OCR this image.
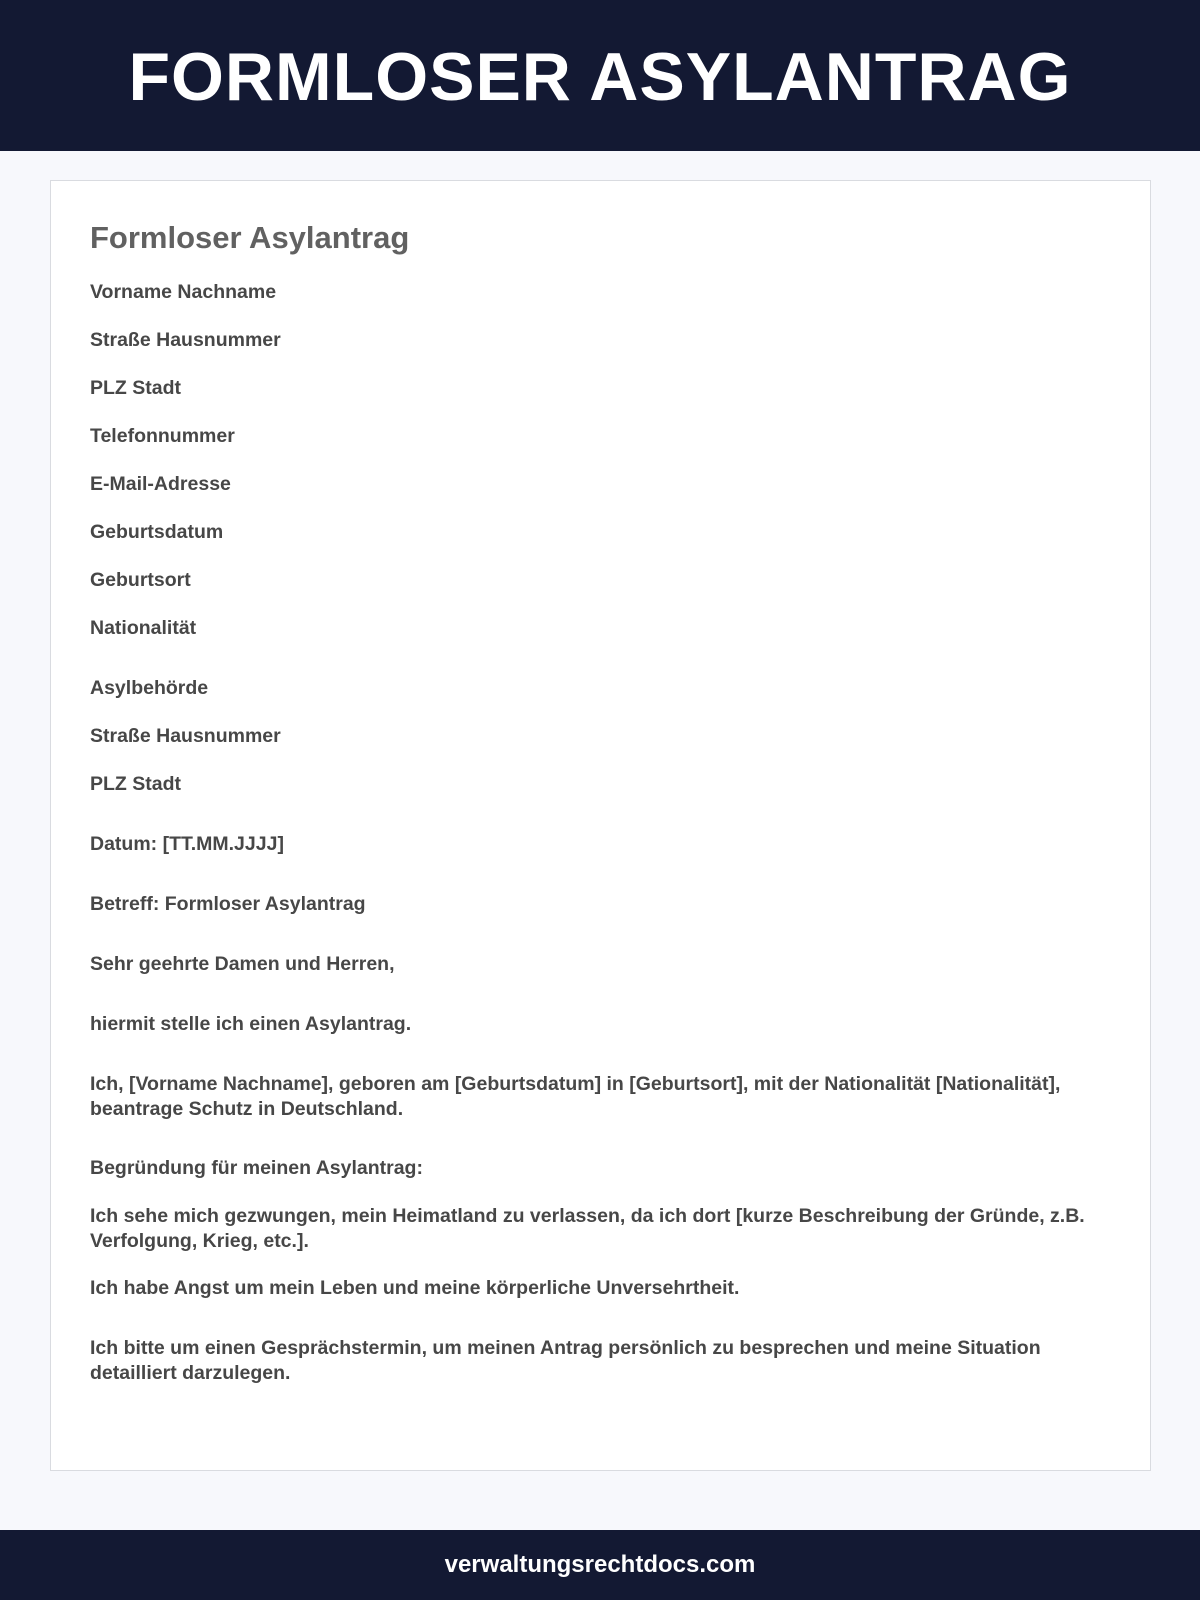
FORMLOSER ASYLANTRAG
Formloser Asylantrag
Vorname Nachname
Straße Hausnummer
PLZ Stadt
Telefonnummer
E-Mail-Adresse
Geburtsdatum
Geburtsort
Nationalität
Asylbehörde
Straße Hausnummer
PLZ Stadt
Datum: [TT.MM.JJJJ]
Betreff: Formloser Asylantrag
Sehr geehrte Damen und Herren,
hiermit stelle ich einen Asylantrag.
Ich, [Vorname Nachname], geboren am [Geburtsdatum] in [Geburtsort], mit der Nationalität [Nationalität], beantrage Schutz in Deutschland.
Begründung für meinen Asylantrag:
Ich sehe mich gezwungen, mein Heimatland zu verlassen, da ich dort [kurze Beschreibung der Gründe, z.B. Verfolgung, Krieg, etc.].
Ich habe Angst um mein Leben und meine körperliche Unversehrtheit.
Ich bitte um einen Gesprächstermin, um meinen Antrag persönlich zu besprechen und meine Situation detailliert darzulegen.
verwaltungsrechtdocs.com
